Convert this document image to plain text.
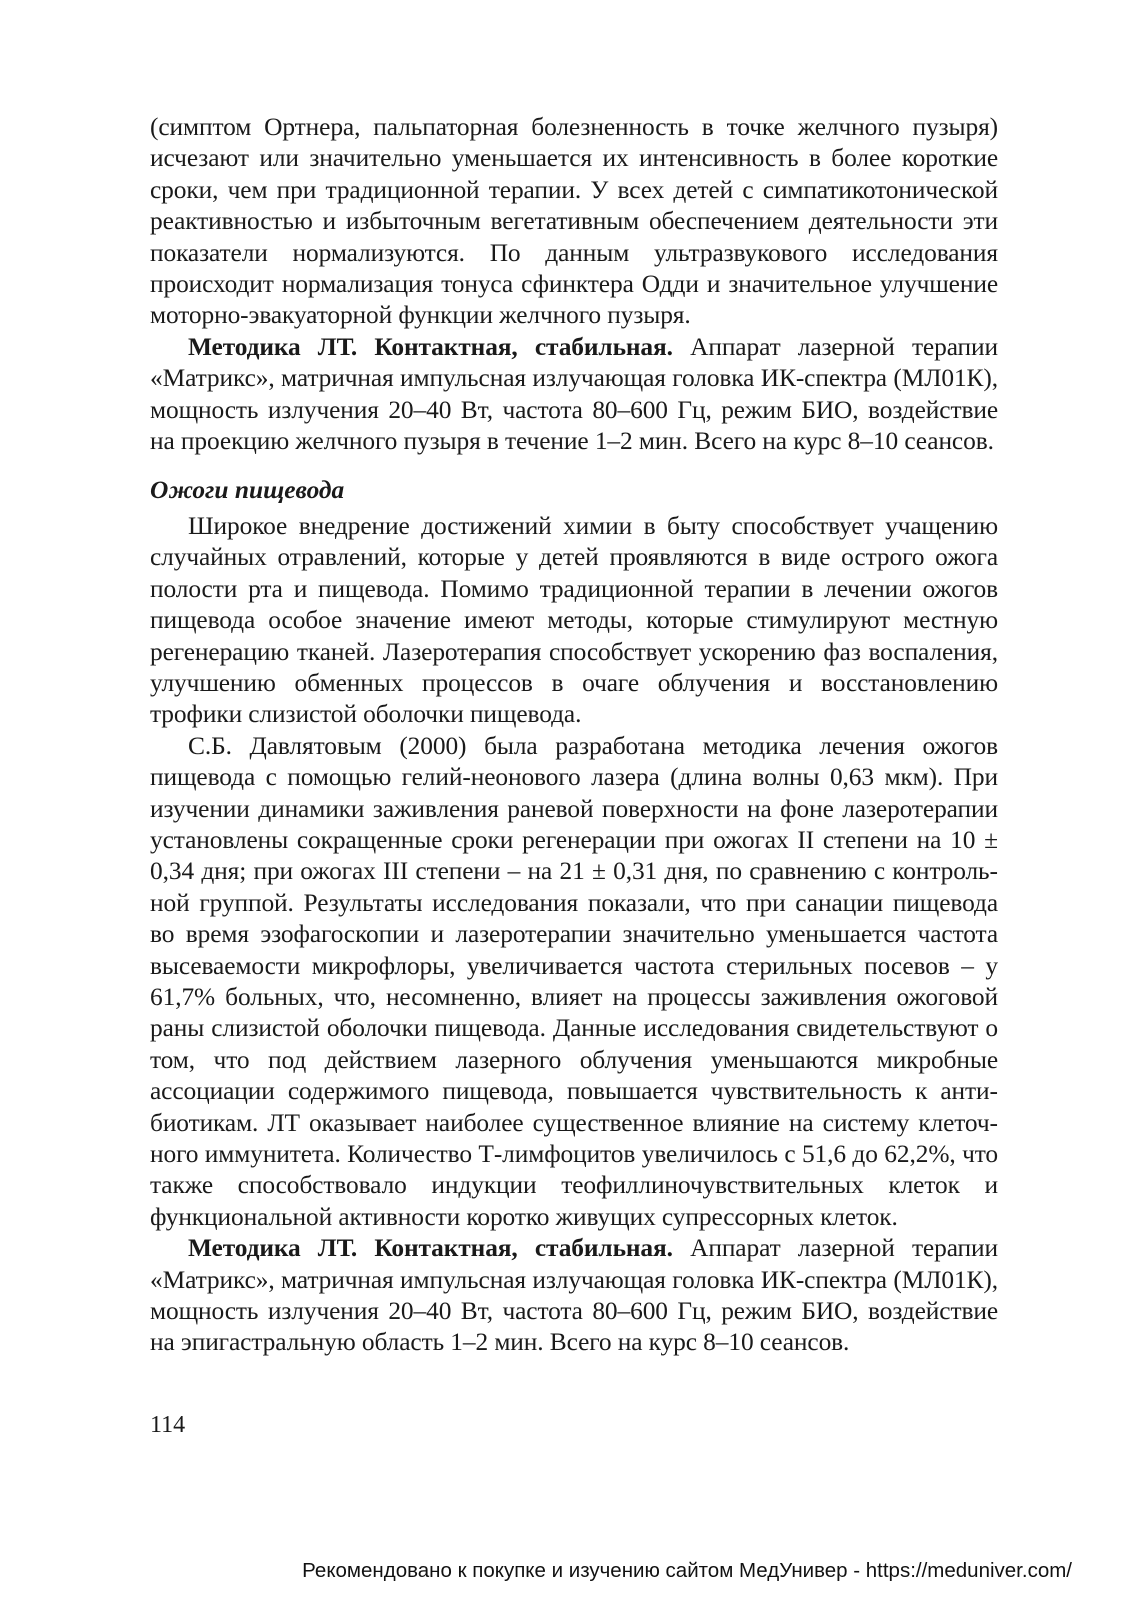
(симптом Ортнера, пальпаторная болезненность в точке желчного пузыря) исчезают или значительно уменьшается их интенсивность в более короткие сроки, чем при традиционной терапии. У всех детей с симпатикотонической реактивностью и избыточным вегетативным обеспечением деятельности эти показатели нормализуются. По данным ультразвукового исследования происходит нормализация тонуса сфинктера Одди и значительное улучшение моторно-эвакуаторной функции желчного пузыря.

Методика ЛТ. Контактная, стабильная. Аппарат лазерной терапии «Матрикс», матричная импульсная излучающая головка ИК-спектра (МЛ01К), мощность излучения 20–40 Вт, частота 80–600 Гц, режим БИО, воздействие на проекцию желчного пузыря в течение 1–2 мин. Всего на курс 8–10 сеансов.

Ожоги пищевода

Широкое внедрение достижений химии в быту способствует учащению случайных отравлений, которые у детей проявляются в виде острого ожога полости рта и пищевода. Помимо традиционной терапии в лечении ожогов пищевода особое значение имеют методы, которые стимулируют местную регенерацию тканей. Лазеротерапия способствует ускорению фаз воспаления, улучшению обменных процессов в очаге облучения и восстановлению трофики слизистой оболочки пищевода.

С.Б. Давлятовым (2000) была разработана методика лечения ожогов пищевода с помощью гелий-неонового лазера (длина волны 0,63 мкм). При изучении динамики заживления раневой поверхности на фоне лазеротерапии установлены сокращенные сроки регенерации при ожогах II степени на 10 ± 0,34 дня; при ожогах III степени – на 21 ± 0,31 дня, по сравнению с контрольной группой. Результаты исследования показали, что при санации пищевода во время эзофагоскопии и лазеротерапии значительно уменьшается частота высеваемости микрофлоры, увеличивается частота стерильных посевов – у 61,7% больных, что, несомненно, влияет на процессы заживления ожоговой раны слизистой оболочки пищевода. Данные исследования свидетельствуют о том, что под действием лазерного облучения уменьшаются микробные ассоциации содержимого пищевода, повышается чувствительность к антибиотикам. ЛТ оказывает наиболее существенное влияние на систему клеточного иммунитета. Количество Т-лимфоцитов увеличилось с 51,6 до 62,2%, что также способствовало индукции теофиллиночувствительных клеток и функциональной активности коротко живущих супрессорных клеток.

Методика ЛТ. Контактная, стабильная. Аппарат лазерной терапии «Матрикс», матричная импульсная излучающая головка ИК-спектра (МЛ01К), мощность излучения 20–40 Вт, частота 80–600 Гц, режим БИО, воздействие на эпигастральную область 1–2 мин. Всего на курс 8–10 сеансов.

114
Рекомендовано к покупке и изучению сайтом МедУнивер - https://meduniver.com/
